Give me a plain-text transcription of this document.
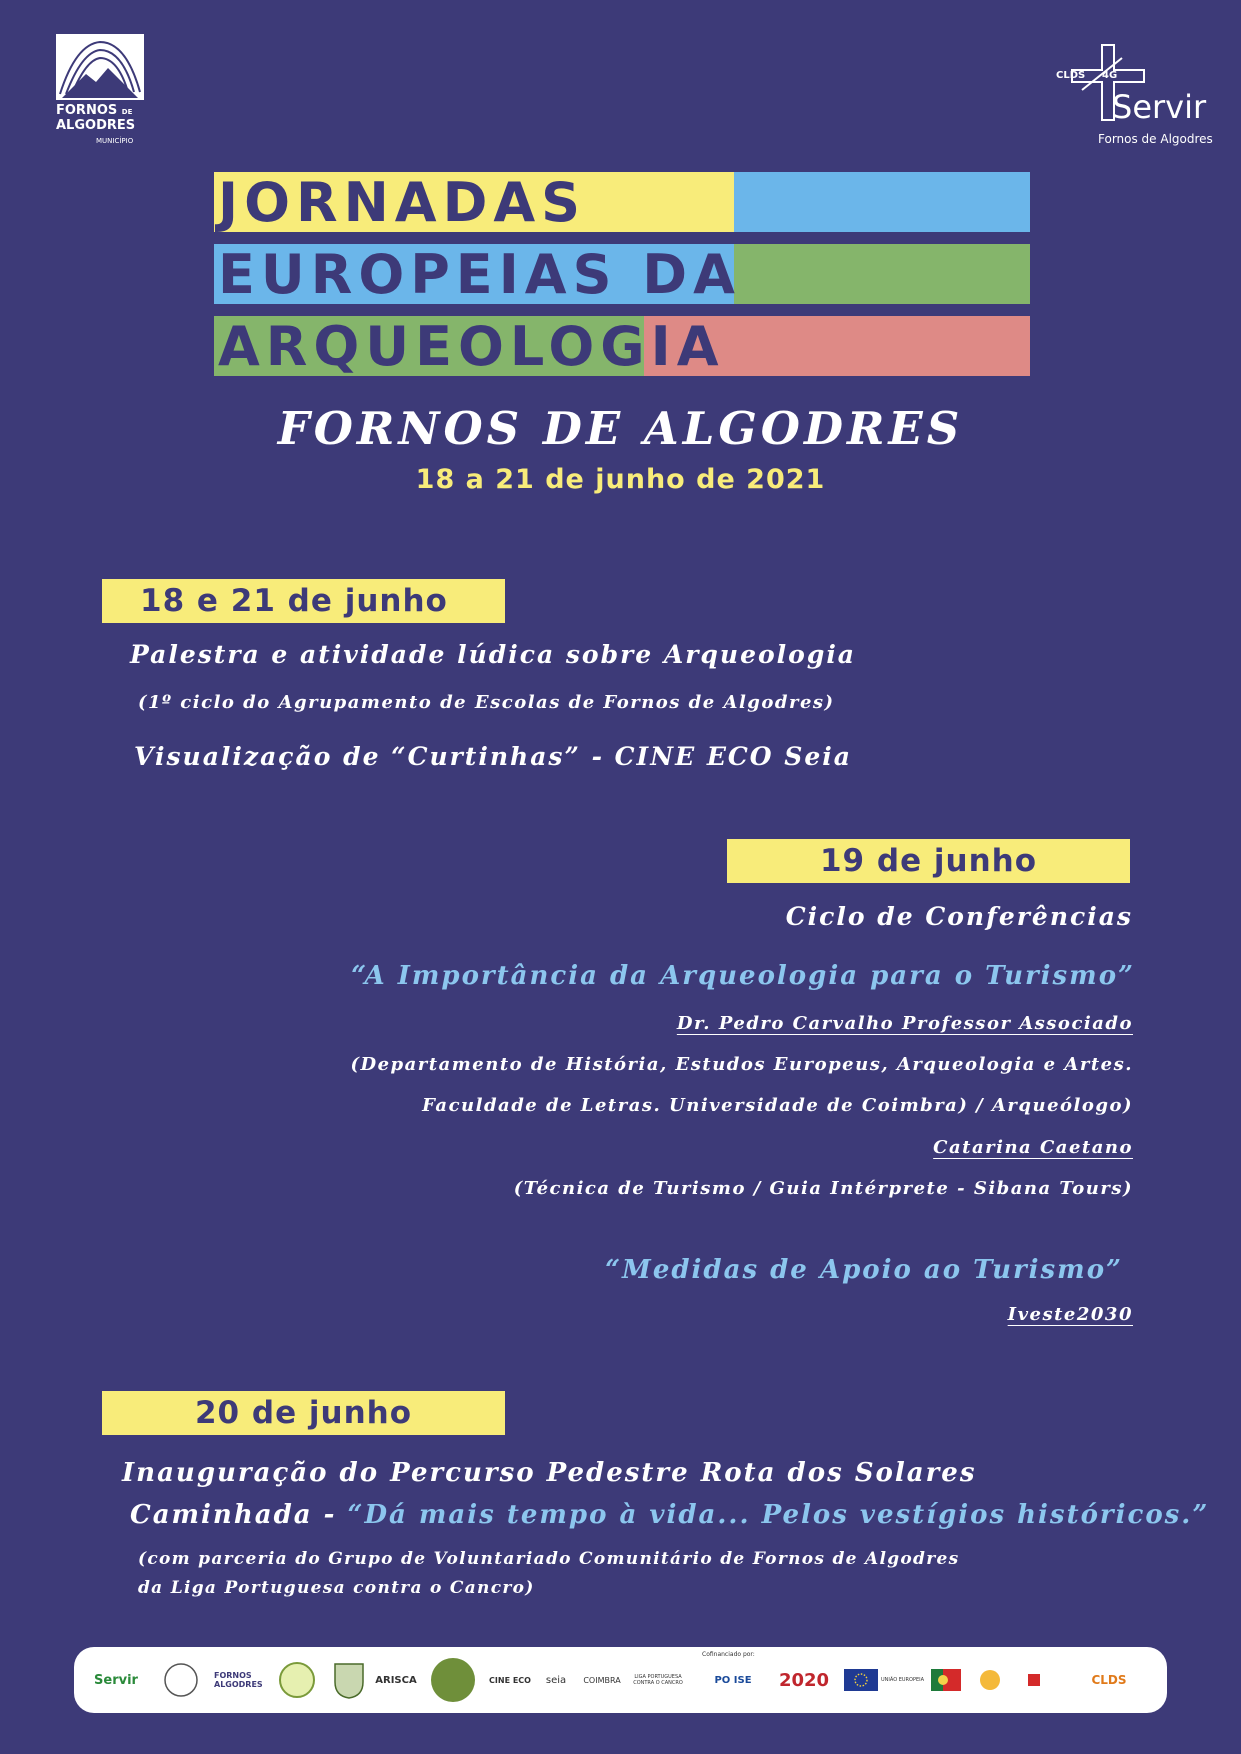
FORNOS DE
ALGODRES
MUNICÍPIO
CLDS 4G
Servir
Fornos de Algodres
JORNADAS
EUROPEIAS DA
ARQUEOLOGIA
FORNOS DE ALGODRES
18 a 21 de junho de 2021
18 e 21 de junho
Palestra e atividade lúdica sobre Arqueologia
(1º ciclo do Agrupamento de Escolas de Fornos de Algodres)
Visualização de “Curtinhas” - CINE ECO Seia
19 de junho
Ciclo de Conferências
“A Importância da Arqueologia para o Turismo”
Dr. Pedro Carvalho Professor Associado
(Departamento de História, Estudos Europeus, Arqueologia e Artes.
Faculdade de Letras. Universidade de Coimbra) / Arqueólogo)
Catarina Caetano
(Técnica de Turismo / Guia Intérprete - Sibana Tours)
“Medidas de Apoio ao Turismo”
Iveste2030
20 de junho
Inauguração do Percurso Pedestre Rota dos Solares
Caminhada - “Dá mais tempo à vida... Pelos vestígios históricos.”
(com parceria do Grupo de Voluntariado Comunitário de Fornos de Algodres
da Liga Portuguesa contra o Cancro)
Servir	FORNOS ALGODRES	ARISCA	CINE ECO seia COIMBRA	LIGA PORTUGUESA CONTRA O CANCRO
Cofinanciado por:
PO ISE 2020	UNIÃO EUROPEIA	CLDS
